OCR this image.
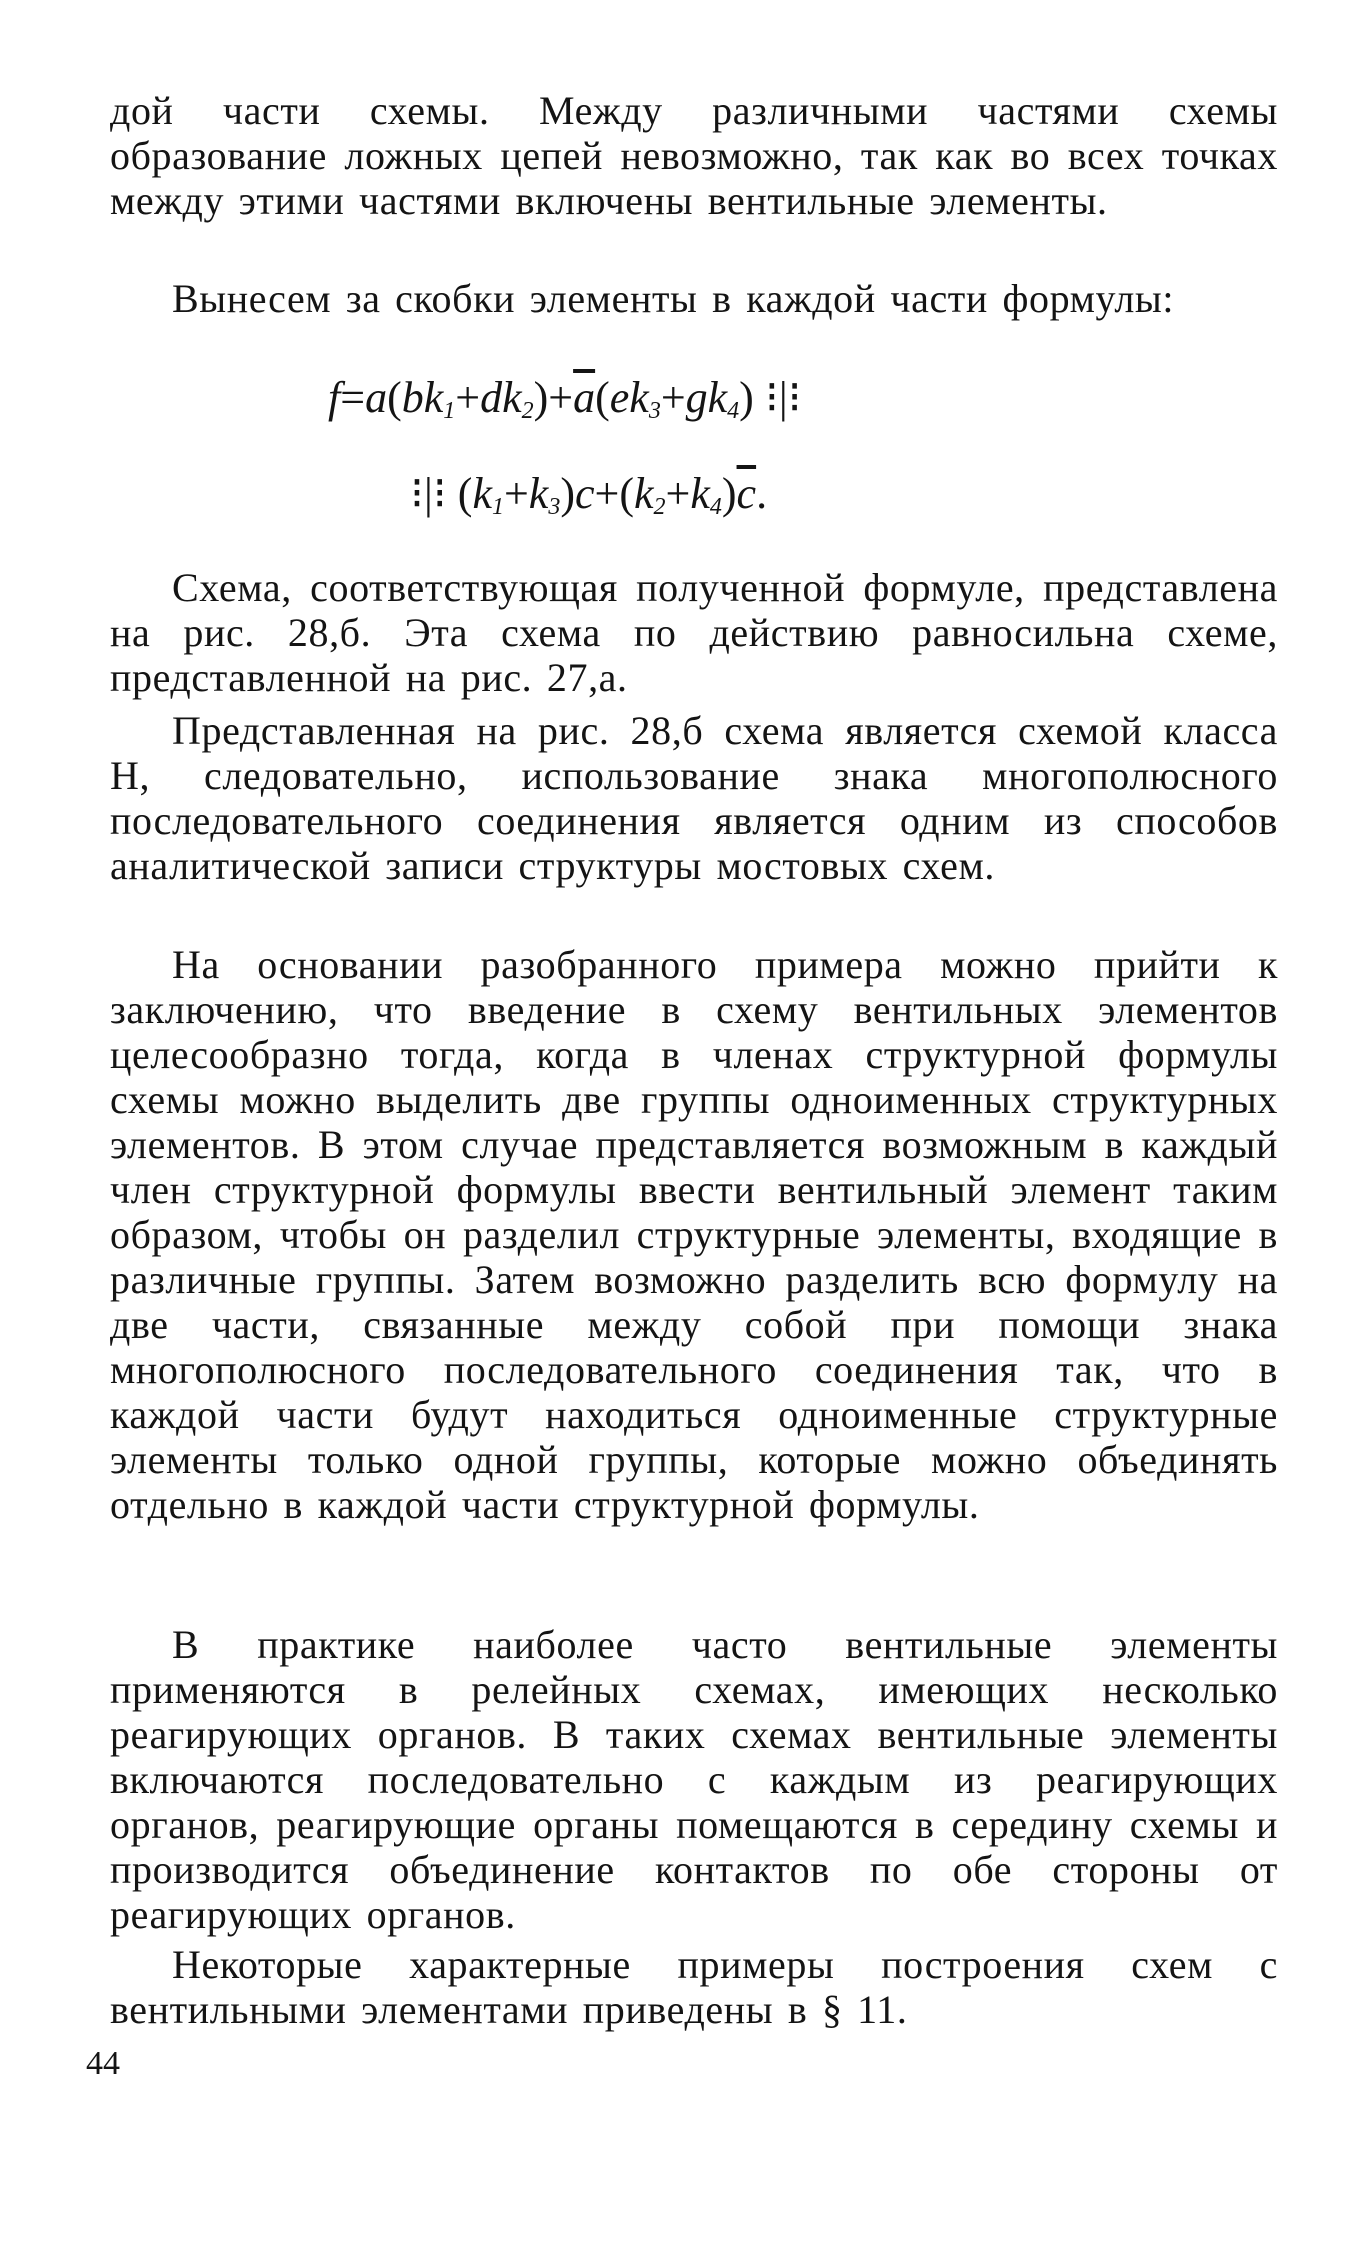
дой части схемы. Между различными частями схемы образование ложных цепей невозможно, так как во всех точках между этими частями включены вентильные элементы.

Вынесем за скобки элементы в каждой части формулы:

$f=a(bk_1+dk_2)+\overline{a}(ek_3+gk_4)$ ⁝|⁝
⁝|⁝ $(k_1+k_3)c+(k_2+k_4)\overline{c}$.

Схема, соответствующая полученной формуле, представлена на рис. 28,б. Эта схема по действию равносильна схеме, представленной на рис. 27,а.

Представленная на рис. 28,б схема является схемой класса Н, следовательно, использование знака многополюсного последовательного соединения является одним из способов аналитической записи структуры мостовых схем.

На основании разобранного примера можно прийти к заключению, что введение в схему вентильных элементов целесообразно тогда, когда в членах структурной формулы схемы можно выделить две группы одноименных структурных элементов. В этом случае представляется возможным в каждый член структурной формулы ввести вентильный элемент таким образом, чтобы он разделил структурные элементы, входящие в различные группы. Затем возможно разделить всю формулу на две части, связанные между собой при помощи знака многополюсного последовательного соединения так, что в каждой части будут находиться одноименные структурные элементы только одной группы, которые можно объединять отдельно в каждой части структурной формулы.

В практике наиболее часто вентильные элементы применяются в релейных схемах, имеющих несколько реагирующих органов. В таких схемах вентильные элементы включаются последовательно с каждым из реагирующих органов, реагирующие органы помещаются в середину схемы и производится объединение контактов по обе стороны от реагирующих органов.

Некоторые характерные примеры построения схем с вентильными элементами приведены в § 11.

44
